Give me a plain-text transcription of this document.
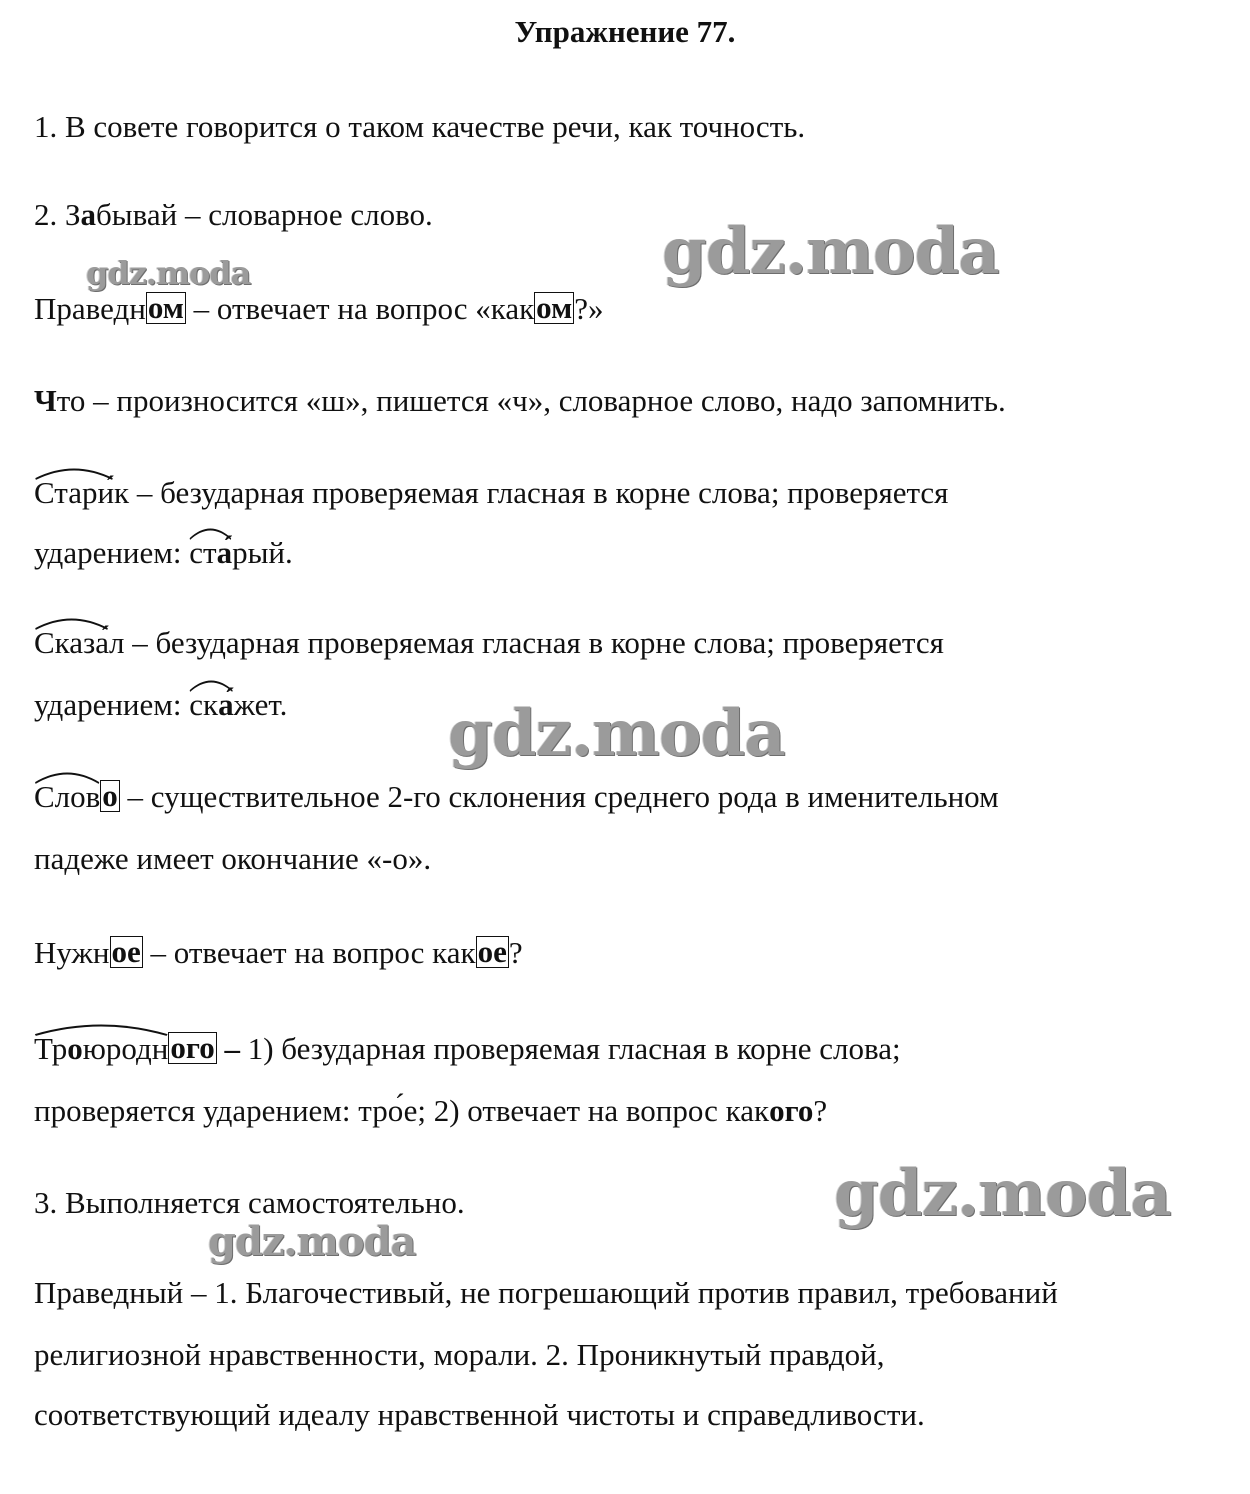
Упражнение 77.
1. В совете говорится о таком качестве речи, как точность.
2. Забывай – словарное слово.
Праведном – отвечает на вопрос «каком?»
Что – произносится «ш», пишется «ч», словарное слово, надо запомнить.
Стари́к – безударная проверяемая гласная в корне слова; проверяется
ударением:
ста́рый.
Сказа́л – безударная проверяемая гласная в корне слова; проверяется
ударением:
ска́жет.
Слово – существительное 2-го склонения среднего рода в именительном
падеже имеет окончание «-о».
Нужное – отвечает на вопрос какое?
Троюродного – 1) безударная проверяемая гласная в корне слова;
проверяется ударением: тро́е; 2) отвечает на вопрос какого?
3. Выполняется самостоятельно.
Праведный – 1. Благочестивый, не погрешающий против правил, требований
религиозной нравственности, морали. 2. Проникнутый правдой,
соответствующий идеалу нравственной чистоты и справедливости.
gdz.moda	gdz.moda
gdz.moda
gdz.moda
gdz.moda
